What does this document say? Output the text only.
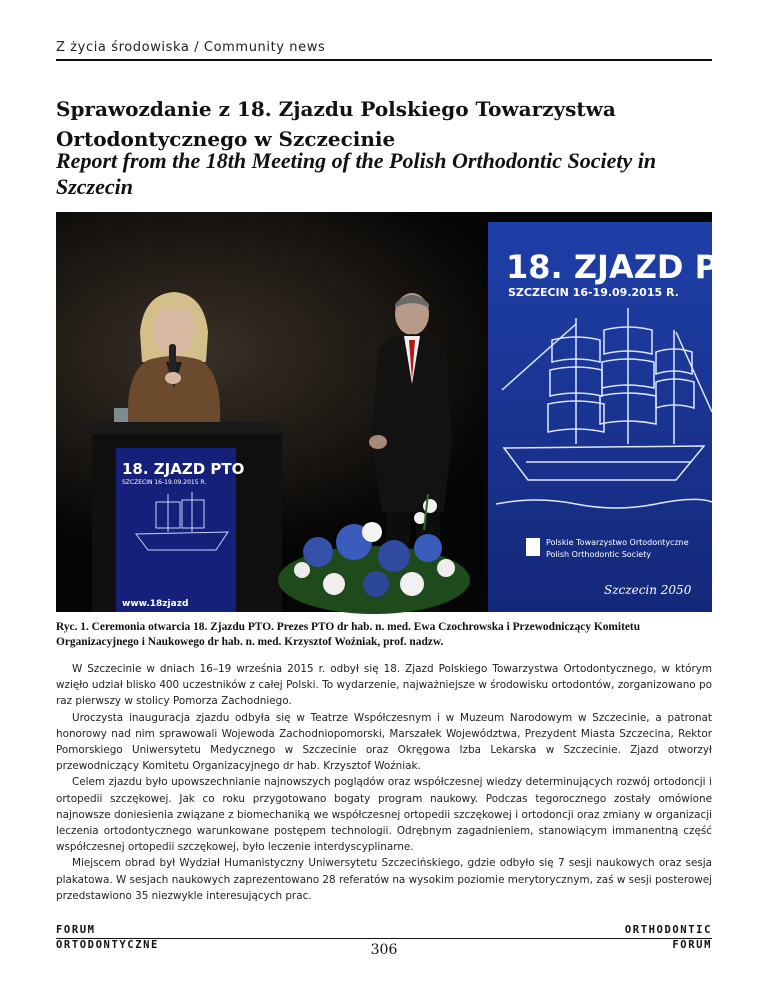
Z życia środowiska / Community news
Sprawozdanie z 18. Zjazdu Polskiego Towarzystwa Ortodontycznego w Szczecinie
Report from the 18th Meeting of the Polish Orthodontic Society in Szczecin
18. ZJAZD PTO
SZCZECIN 16-19.09.2015 R.
Polskie Towarzystwo Ortodontyczne
Polish Orthodontic Society
Szczecin 2050
18. ZJAZD PTO
SZCZECIN 16-19.09.2015 R.
www.18zjazd
Ryc. 1. Ceremonia otwarcia 18. Zjazdu PTO. Prezes PTO dr hab. n. med. Ewa Czochrowska i Przewodniczący Komitetu Organizacyjnego i Naukowego dr hab. n. med. Krzysztof Woźniak, prof. nadzw.

W Szczecinie w dniach 16–19 września 2015 r. odbył się 18. Zjazd Polskiego Towarzystwa Ortodontycznego, w którym wzięło udział blisko 400 uczestników z całej Polski. To wydarzenie, najważniejsze w środowisku ortodontów, zorganizowano po raz pierwszy w stolicy Pomorza Zachodniego.

Uroczysta inauguracja zjazdu odbyła się w Teatrze Współczesnym i w Muzeum Narodowym w Szczecinie, a patronat honorowy nad nim sprawowali Wojewoda Zachodniopomorski, Marszałek Województwa, Prezydent Miasta Szczecina, Rektor Pomorskiego Uniwersytetu Medycznego w Szczecinie oraz Okręgowa Izba Lekarska w Szczecinie. Zjazd otworzył przewodniczący Komitetu Organizacyjnego dr hab. Krzysztof Woźniak.

Celem zjazdu było upowszechnianie najnowszych poglądów oraz współczesnej wiedzy determinujących rozwój ortodoncji i ortopedii szczękowej. Jak co roku przygotowano bogaty program naukowy. Podczas tegorocznego zostały omówione najnowsze doniesienia związane z biomechaniką we współczesnej ortopedii szczękowej i ortodoncji oraz zmiany w organizacji leczenia ortodontycznego warunkowane postępem technologii. Odrębnym zagadnieniem, stanowiącym immanentną część współczesnej ortopedii szczękowej, było leczenie interdyscyplinarne.

Miejscem obrad był Wydział Humanistyczny Uniwersytetu Szczecińskiego, gdzie odbyło się 7 sesji naukowych oraz sesja plakatowa. W sesjach naukowych zaprezentowano 28 referatów na wysokim poziomie merytorycznym, zaś w sesji posterowej przedstawiono 35 niezwykle interesujących prac.

FORUM
ORTODONTYCZNE
ORTHODONTIC
FORUM
306
